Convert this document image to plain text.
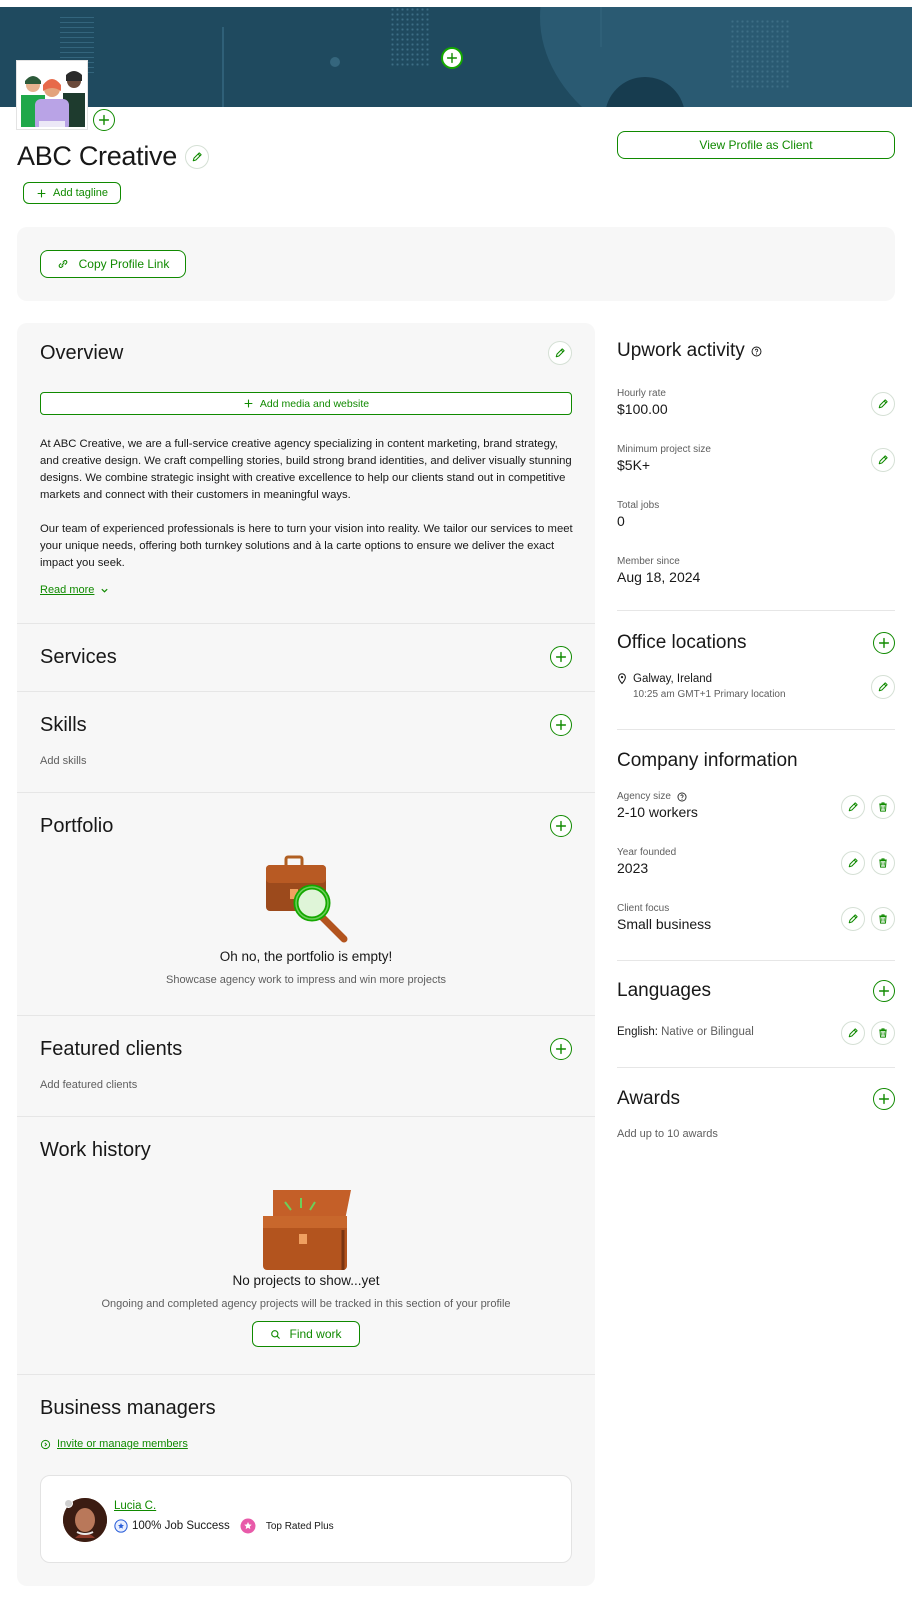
ABC Creative
Add tagline
View Profile as Client
Copy Profile Link
Overview
Add media and website

At ABC Creative, we are a full-service creative agency specializing in content marketing, brand strategy, and creative design. We craft compelling stories, build strong brand identities, and deliver visually stunning designs. We combine strategic insight with creative excellence to help our clients stand out in competitive markets and connect with their customers in meaningful ways.

Our team of experienced professionals is here to turn your vision into reality. We tailor our services to meet your unique needs, offering both turnkey solutions and à la carte options to ensure we deliver the exact impact you seek.

Read more
Services
Skills
Add skills
Portfolio
Oh no, the portfolio is empty!
Showcase agency work to impress and win more projects
Featured clients
Add featured clients
Work history
No projects to show...yet
Ongoing and completed agency projects will be tracked in this section of your profile
Find work
Business managers
Invite or manage members
Lucia C.
100% Job Success	Top Rated Plus
Upwork activity
Hourly rate
$100.00
Minimum project size
$5K+
Total jobs
0
Member since
Aug 18, 2024
Office locations
Galway, Ireland
10:25 am GMT+1 Primary location
Company information
Agency size
2-10 workers
Year founded
2023
Client focus
Small business
Languages
English: Native or Bilingual
Awards
Add up to 10 awards
